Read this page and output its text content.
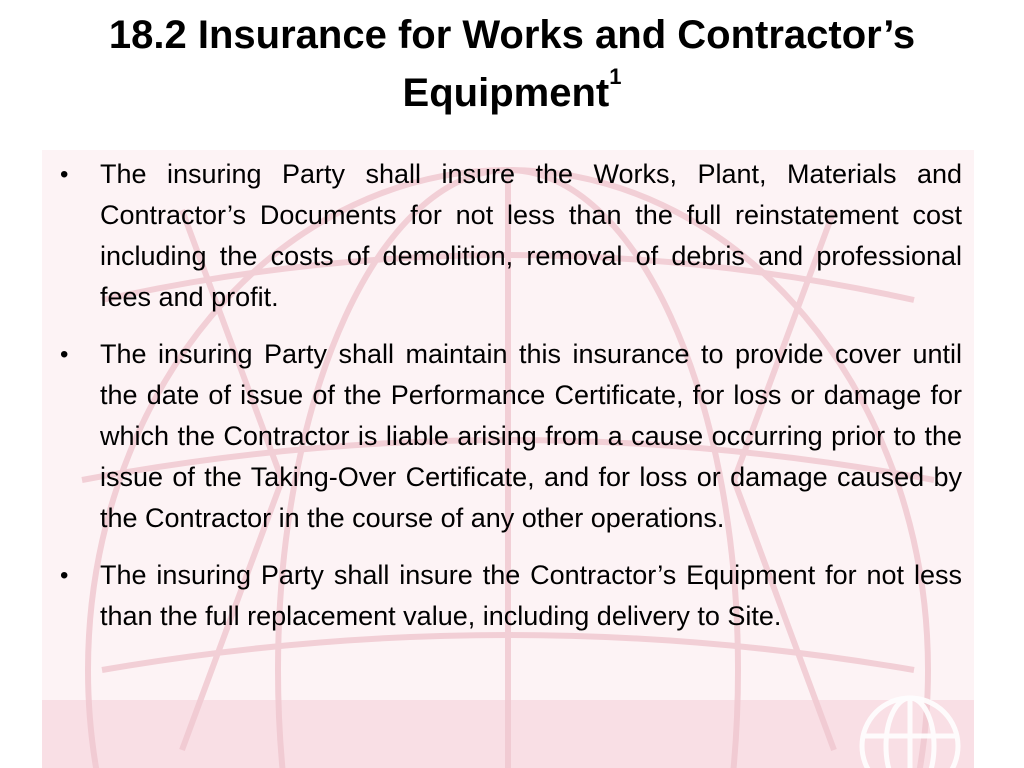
18.2 Insurance for Works and Contractor’s Equipment$^1$
•	The insuring Party shall insure the Works, Plant, Materials and Contractor’s Documents for not less than the full reinstatement cost including the costs of demolition, removal of debris and professional fees and profit.
•	The insuring Party shall maintain this insurance to provide cover until the date of issue of the Performance Certificate, for loss or damage for which the Contractor is liable arising from a cause occurring prior to the issue of the Taking-Over Certificate, and for loss or damage caused by the Contractor in the course of any other operations.
•	The insuring Party shall insure the Contractor’s Equipment for not less than the full replacement value, including delivery to Site.
